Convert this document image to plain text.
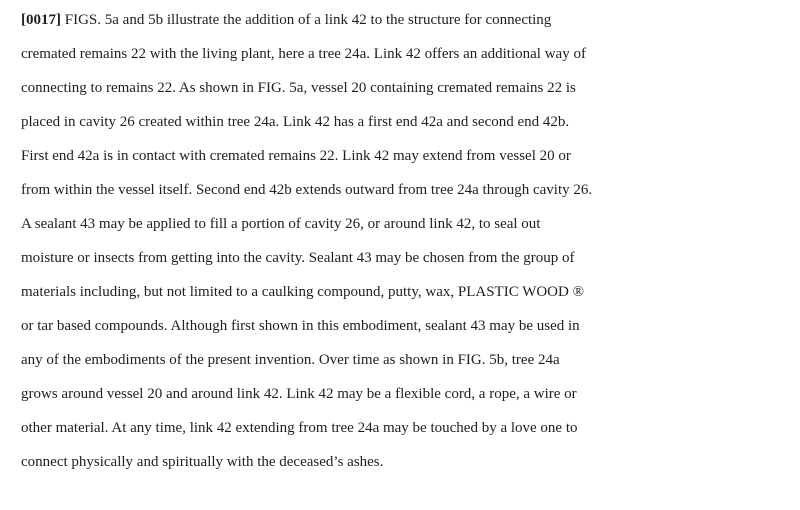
[0017] FIGS. 5a and 5b illustrate the addition of a link 42 to the structure for connecting
cremated remains 22 with the living plant, here a tree 24a. Link 42 offers an additional way of
connecting to remains 22. As shown in FIG. 5a, vessel 20 containing cremated remains 22 is
placed in cavity 26 created within tree 24a. Link 42 has a first end 42a and second end 42b.
First end 42a is in contact with cremated remains 22. Link 42 may extend from vessel 20 or
from within the vessel itself. Second end 42b extends outward from tree 24a through cavity 26.
A sealant 43 may be applied to fill a portion of cavity 26, or around link 42, to seal out
moisture or insects from getting into the cavity. Sealant 43 may be chosen from the group of
materials including, but not limited to a caulking compound, putty, wax, PLASTIC WOOD ®
or tar based compounds. Although first shown in this embodiment, sealant 43 may be used in
any of the embodiments of the present invention. Over time as shown in FIG. 5b, tree 24a
grows around vessel 20 and around link 42. Link 42 may be a flexible cord, a rope, a wire or
other material. At any time, link 42 extending from tree 24a may be touched by a love one to
connect physically and spiritually with the deceased’s ashes.
